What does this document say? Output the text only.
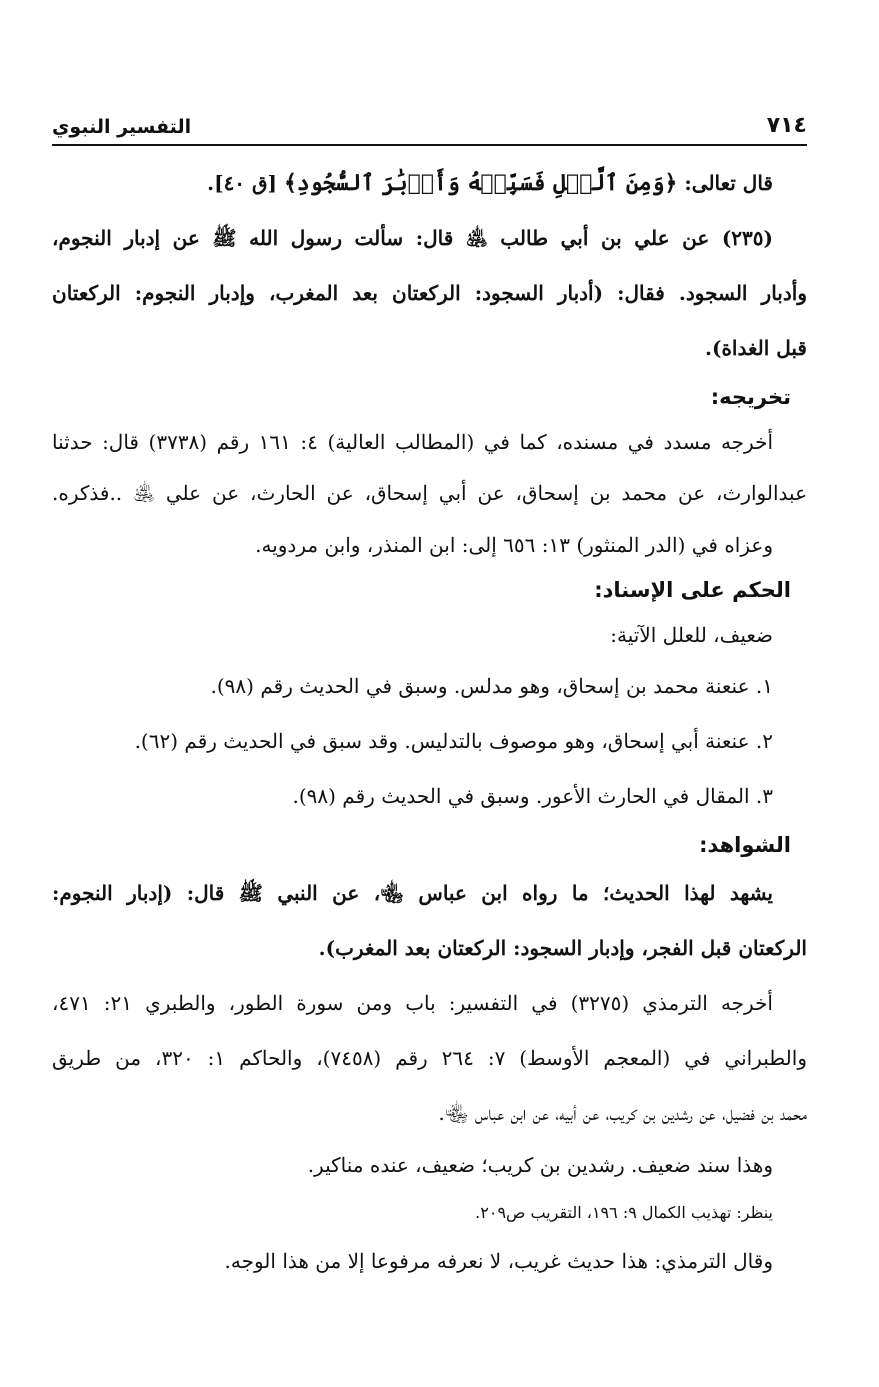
٧١٤
التفسير النبوي
قال تعالى: ﴿وَمِنَ ٱلَّيۡلِ فَسَبِّحۡهُ وَأَدۡبَٰرَ ٱلسُّجُودِ﴾ [ق ٤٠].
(٢٣٥) عن علي بن أبي طالب ﵁ قال: سألت رسول الله ﷺ عن إدبار النجوم،
وأدبار السجود. فقال: (أدبار السجود: الركعتان بعد المغرب، وإدبار النجوم: الركعتان
قبل الغداة).
تخريجه:
أخرجه مسدد في مسنده، كما في (المطالب العالية) ٤: ١٦١ رقم (٣٧٣٨) قال: حدثنا
عبدالوارث، عن محمد بن إسحاق، عن أبي إسحاق، عن الحارث، عن علي ﵁ ..فذكره.
وعزاه في (الدر المنثور) ١٣: ٦٥٦ إلى: ابن المنذر، وابن مردويه.
الحكم على الإسناد:
ضعيف، للعلل الآتية:
١. عنعنة محمد بن إسحاق، وهو مدلس. وسبق في الحديث رقم (٩٨).
٢. عنعنة أبي إسحاق، وهو موصوف بالتدليس. وقد سبق في الحديث رقم (٦٢).
٣. المقال في الحارث الأعور. وسبق في الحديث رقم (٩٨).
الشواهد:
يشهد لهذا الحديث؛ ما رواه ابن عباس ﵄، عن النبي ﷺ قال: (إدبار النجوم:
الركعتان قبل الفجر، وإدبار السجود: الركعتان بعد المغرب).
أخرجه الترمذي (٣٢٧٥) في التفسير: باب ومن سورة الطور، والطبري ٢١: ٤٧١،
والطبراني في (المعجم الأوسط) ٧: ٢٦٤ رقم (٧٤٥٨)، والحاكم ١: ٣٢٠، من طريق
محمد بن فضيل، عن رشدين بن كريب، عن أبيه، عن ابن عباس ﵄.
وهذا سند ضعيف. رشدين بن كريب؛ ضعيف، عنده مناكير.
ينظر: تهذيب الكمال ٩: ١٩٦، التقريب ص٢٠٩.
وقال الترمذي: هذا حديث غريب، لا نعرفه مرفوعا إلا من هذا الوجه.
